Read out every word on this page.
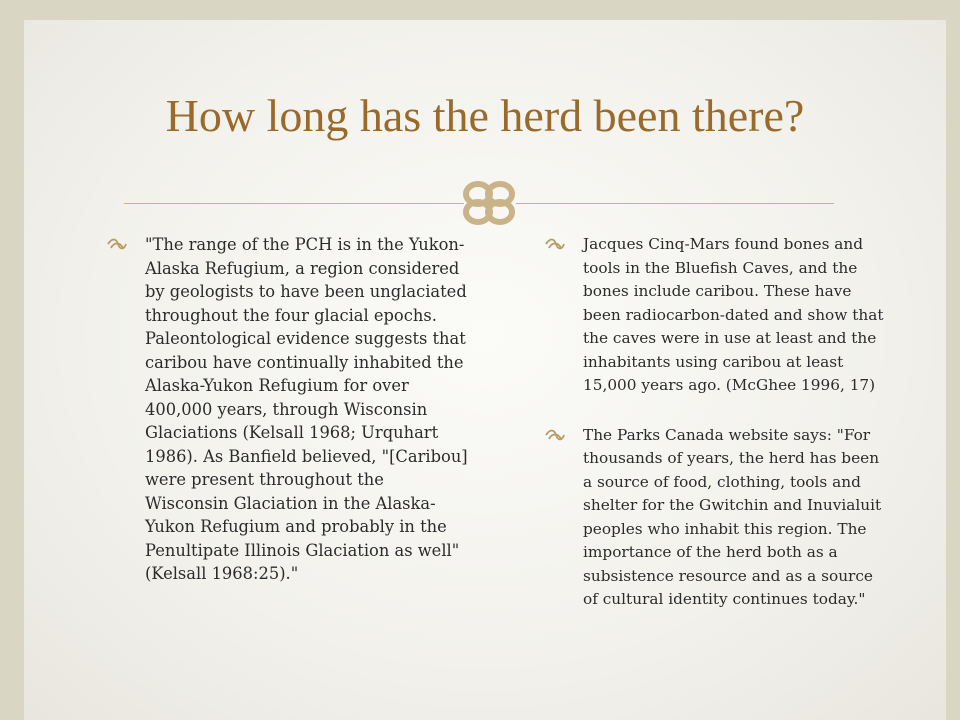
How long has the herd been there?
"The range of the PCH is in the Yukon-Alaska Refugium, a region considered by geologists to have been unglaciated throughout the four glacial epochs. Paleontological evidence suggests that caribou have continually inhabited the Alaska-Yukon Refugium for over 400,000 years, through Wisconsin Glaciations (Kelsall 1968; Urquhart 1986). As Banfield believed, "[Caribou] were present throughout the Wisconsin Glaciation in the Alaska-Yukon Refugium and probably in the Penultipate Illinois Glaciation as well" (Kelsall 1968:25)."
Jacques Cinq-Mars found bones and tools in the Bluefish Caves, and the bones include caribou. These have been radiocarbon-dated and show that the caves were in use at least and the inhabitants using caribou at least 15,000 years ago. (McGhee 1996, 17)
The Parks Canada website says: "For thousands of years, the herd has been a source of food, clothing, tools and shelter for the Gwitchin and Inuvialuit peoples who inhabit this region. The importance of the herd both as a subsistence resource and as a source of cultural identity continues today."
